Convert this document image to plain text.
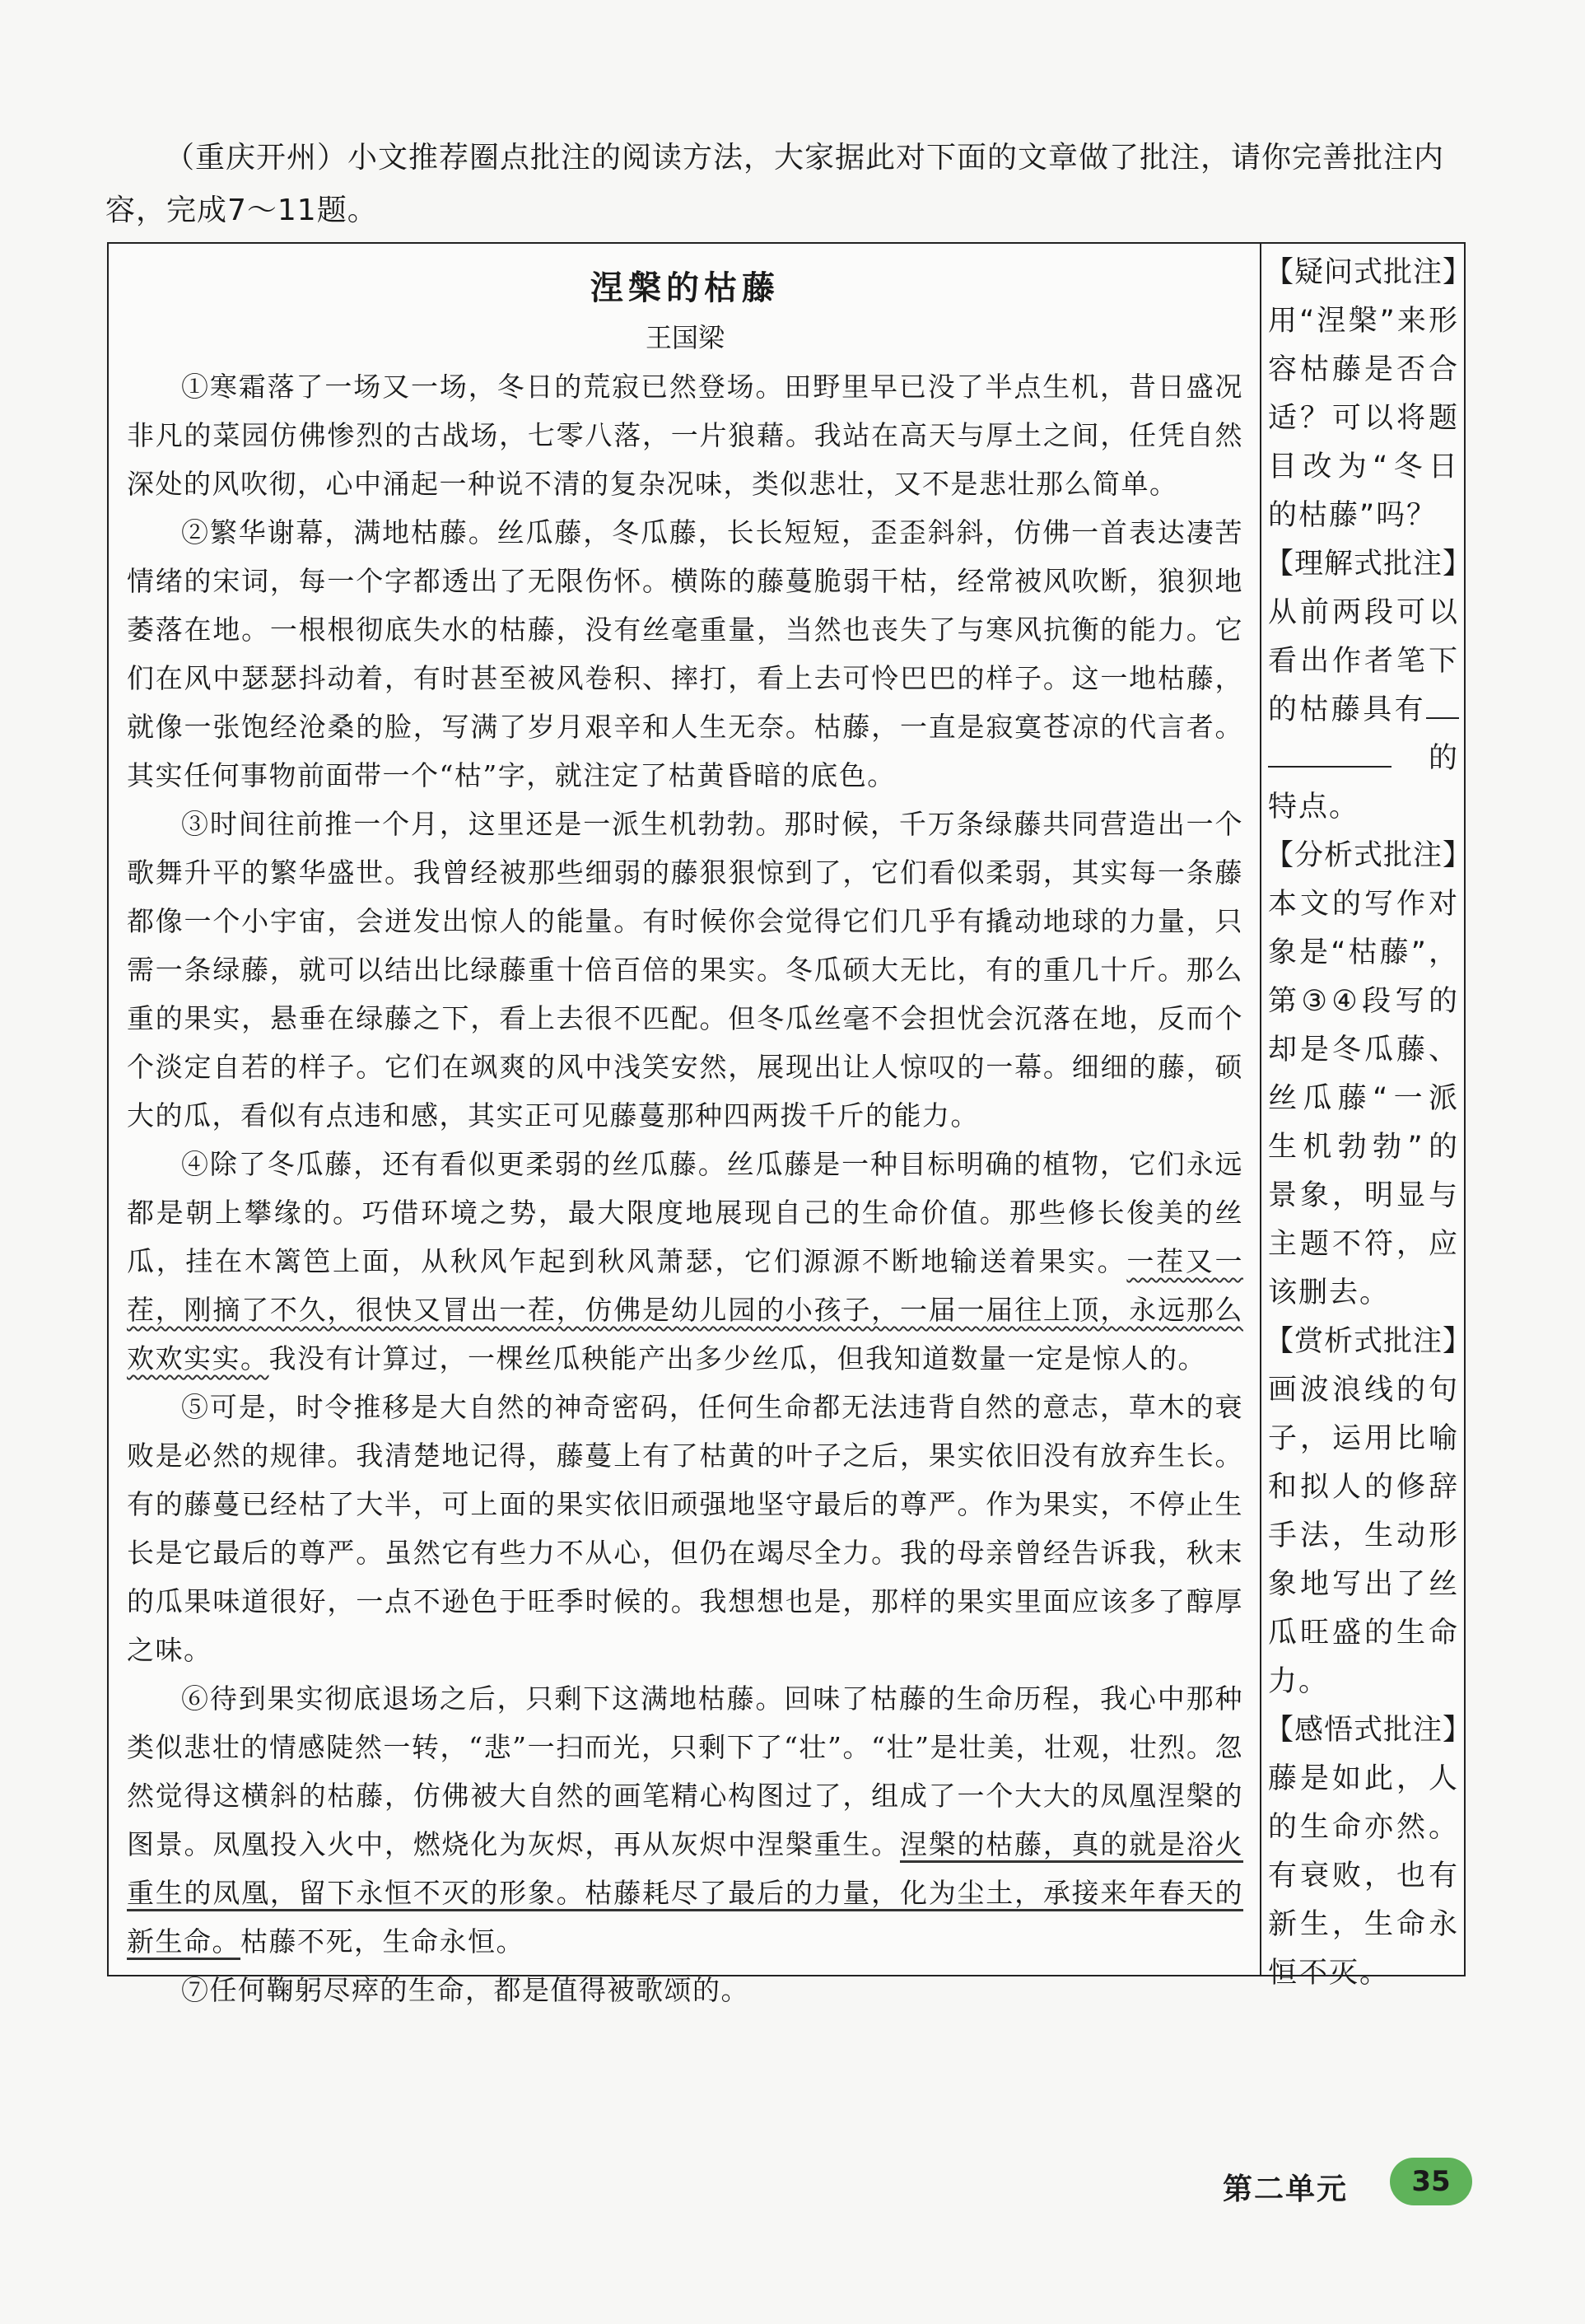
（重庆开州）小文推荐圈点批注的阅读方法，大家据此对下面的文章做了批注，请你完善批注内容，完成7～11题。
涅槃的枯藤
王国梁

①寒霜落了一场又一场，冬日的荒寂已然登场。田野里早已没了半点生机，昔日盛况非凡的菜园仿佛惨烈的古战场，七零八落，一片狼藉。我站在高天与厚土之间，任凭自然深处的风吹彻，心中涌起一种说不清的复杂况味，类似悲壮，又不是悲壮那么简单。

②繁华谢幕，满地枯藤。丝瓜藤，冬瓜藤，长长短短，歪歪斜斜，仿佛一首表达凄苦情绪的宋词，每一个字都透出了无限伤怀。横陈的藤蔓脆弱干枯，经常被风吹断，狼狈地萎落在地。一根根彻底失水的枯藤，没有丝毫重量，当然也丧失了与寒风抗衡的能力。它们在风中瑟瑟抖动着，有时甚至被风卷积、摔打，看上去可怜巴巴的样子。这一地枯藤，就像一张饱经沧桑的脸，写满了岁月艰辛和人生无奈。枯藤，一直是寂寞苍凉的代言者。其实任何事物前面带一个“枯”字，就注定了枯黄昏暗的底色。

③时间往前推一个月，这里还是一派生机勃勃。那时候，千万条绿藤共同营造出一个歌舞升平的繁华盛世。我曾经被那些细弱的藤狠狠惊到了，它们看似柔弱，其实每一条藤都像一个小宇宙，会迸发出惊人的能量。有时候你会觉得它们几乎有撬动地球的力量，只需一条绿藤，就可以结出比绿藤重十倍百倍的果实。冬瓜硕大无比，有的重几十斤。那么重的果实，悬垂在绿藤之下，看上去很不匹配。但冬瓜丝毫不会担忧会沉落在地，反而个个淡定自若的样子。它们在飒爽的风中浅笑安然，展现出让人惊叹的一幕。细细的藤，硕大的瓜，看似有点违和感，其实正可见藤蔓那种四两拨千斤的能力。

④除了冬瓜藤，还有看似更柔弱的丝瓜藤。丝瓜藤是一种目标明确的植物，它们永远都是朝上攀缘的。巧借环境之势，最大限度地展现自己的生命价值。那些修长俊美的丝瓜，挂在木篱笆上面，从秋风乍起到秋风萧瑟，它们源源不断地输送着果实。一茬又一茬，刚摘了不久，很快又冒出一茬，仿佛是幼儿园的小孩子，一届一届往上顶，永远那么欢欢实实。我没有计算过，一棵丝瓜秧能产出多少丝瓜，但我知道数量一定是惊人的。

⑤可是，时令推移是大自然的神奇密码，任何生命都无法违背自然的意志，草木的衰败是必然的规律。我清楚地记得，藤蔓上有了枯黄的叶子之后，果实依旧没有放弃生长。有的藤蔓已经枯了大半，可上面的果实依旧顽强地坚守最后的尊严。作为果实，不停止生长是它最后的尊严。虽然它有些力不从心，但仍在竭尽全力。我的母亲曾经告诉我，秋末的瓜果味道很好，一点不逊色于旺季时候的。我想想也是，那样的果实里面应该多了醇厚之味。

⑥待到果实彻底退场之后，只剩下这满地枯藤。回味了枯藤的生命历程，我心中那种类似悲壮的情感陡然一转，“悲”一扫而光，只剩下了“壮”。“壮”是壮美，壮观，壮烈。忽然觉得这横斜的枯藤，仿佛被大自然的画笔精心构图过了，组成了一个大大的凤凰涅槃的图景。凤凰投入火中，燃烧化为灰烬，再从灰烬中涅槃重生。涅槃的枯藤，真的就是浴火重生的凤凰，留下永恒不灭的形象。枯藤耗尽了最后的力量，化为尘土，承接来年春天的新生命。枯藤不死，生命永恒。

⑦任何鞠躬尽瘁的生命，都是值得被歌颂的。

【疑问式批注】
用“涅槃”来形容枯藤是否合适？可以将题目改为“冬日的枯藤”吗？
【理解式批注】
从前两段可以看出作者笔下的枯藤具有 的特点。
【分析式批注】
本文的写作对象是“枯藤”，第③④段写的却是冬瓜藤、丝瓜藤“一派生机勃勃”的景象，明显与主题不符，应该删去。
【赏析式批注】
画波浪线的句子，运用比喻和拟人的修辞手法，生动形象地写出了丝瓜旺盛的生命力。
【感悟式批注】
藤是如此，人的生命亦然。有衰败，也有新生，生命永恒不灭。
第二单元	35
